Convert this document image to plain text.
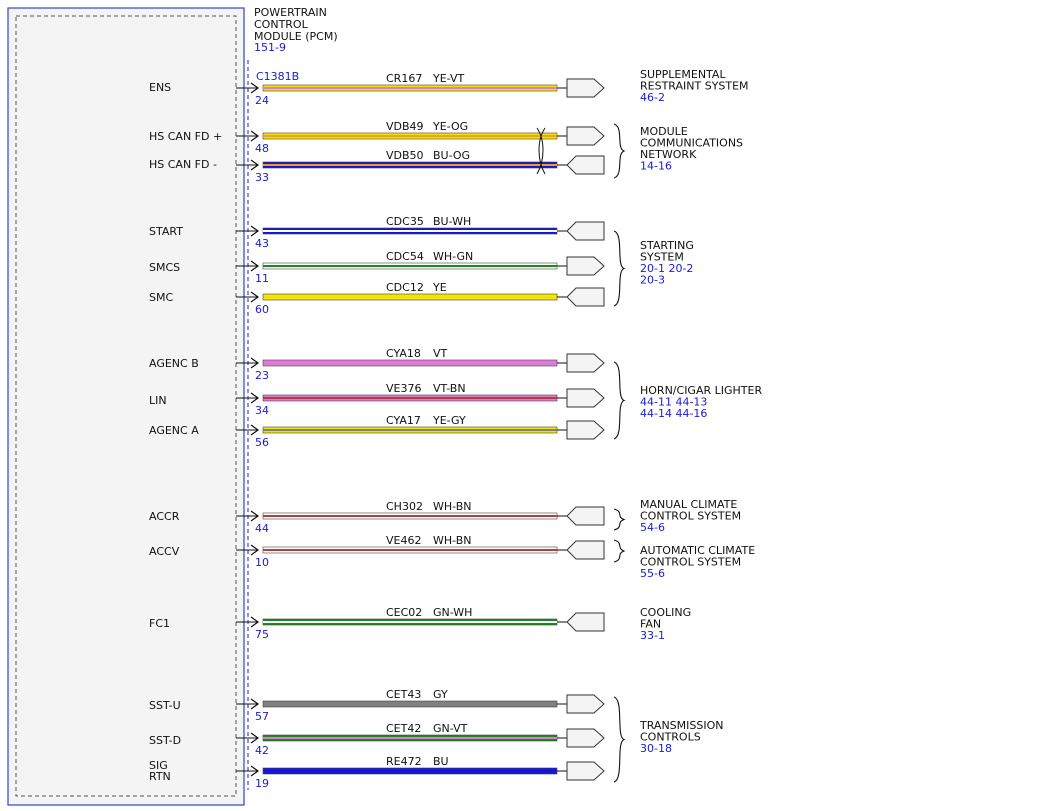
POWERTRAIN
CONTROL
MODULE (PCM)
151-9
C1381B
ENS
24
CR167 YE-VT
HS CAN FD +
48
VDB49 YE-OG
HS CAN FD -
33
VDB50 BU-OG
START
43
CDC35 BU-WH
SMCS
11
CDC54 WH-GN
SMC
60
CDC12 YE
AGENC B
23
CYA18 VT
LIN
34
VE376 VT-BN
AGENC A
56
CYA17 YE-GY
ACCR
44
CH302 WH-BN
ACCV
10
VE462 WH-BN
FC1
75
CEC02 GN-WH
SST-U
57
CET43 GY
SST-D
42
CET42 GN-VT
SIG
RTN
19
RE472 BU
SUPPLEMENTAL
RESTRAINT SYSTEM
46-2
MODULE
COMMUNICATIONS
NETWORK
14-16
STARTING
SYSTEM
20-1 20-2
20-3
HORN/CIGAR LIGHTER
44-11 44-13
44-14 44-16
MANUAL CLIMATE
CONTROL SYSTEM
54-6
AUTOMATIC CLIMATE
CONTROL SYSTEM
55-6
COOLING
FAN
33-1
TRANSMISSION
CONTROLS
30-18
